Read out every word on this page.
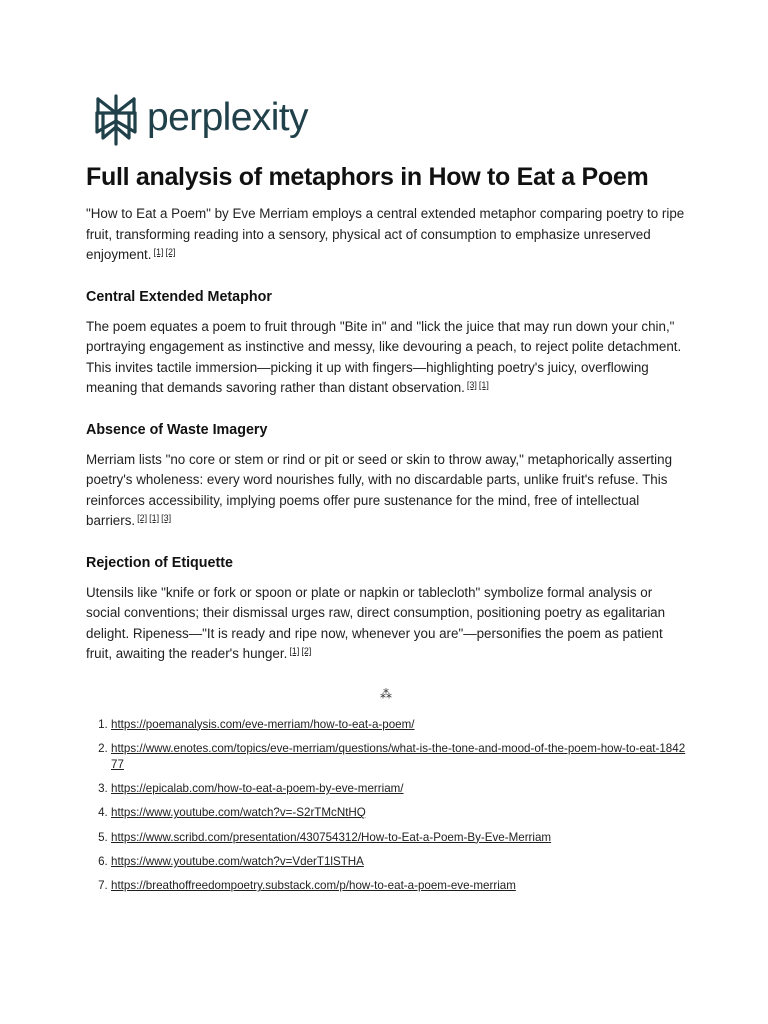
perplexity
Full analysis of metaphors in How to Eat a Poem

"How to Eat a Poem" by Eve Merriam employs a central extended metaphor comparing poetry to ripe fruit, transforming reading into a sensory, physical act of consumption to emphasize unreserved enjoyment. [1] [2]

Central Extended Metaphor

The poem equates a poem to fruit through "Bite in" and "lick the juice that may run down your chin," portraying engagement as instinctive and messy, like devouring a peach, to reject polite detachment. This invites tactile immersion—picking it up with fingers—highlighting poetry's juicy, overflowing meaning that demands savoring rather than distant observation. [3] [1]

Absence of Waste Imagery

Merriam lists "no core or stem or rind or pit or seed or skin to throw away," metaphorically asserting poetry's wholeness: every word nourishes fully, with no discardable parts, unlike fruit's refuse. This reinforces accessibility, implying poems offer pure sustenance for the mind, free of intellectual barriers. [2] [1] [3]

Rejection of Etiquette

Utensils like "knife or fork or spoon or plate or napkin or tablecloth" symbolize formal analysis or social conventions; their dismissal urges raw, direct consumption, positioning poetry as egalitarian delight. Ripeness—"It is ready and ripe now, whenever you are"—personifies the poem as patient fruit, awaiting the reader's hunger. [1] [2]

⁂
1. https://poemanalysis.com/eve-merriam/how-to-eat-a-poem/
2. https://www.enotes.com/topics/eve-merriam/questions/what-is-the-tone-and-mood-of-the-poem-how-to-eat-184277
3. https://epicalab.com/how-to-eat-a-poem-by-eve-merriam/
4. https://www.youtube.com/watch?v=-S2rTMcNtHQ
5. https://www.scribd.com/presentation/430754312/How-to-Eat-a-Poem-By-Eve-Merriam
6. https://www.youtube.com/watch?v=VderT1lSTHA
7. https://breathoffreedompoetry.substack.com/p/how-to-eat-a-poem-eve-merriam
